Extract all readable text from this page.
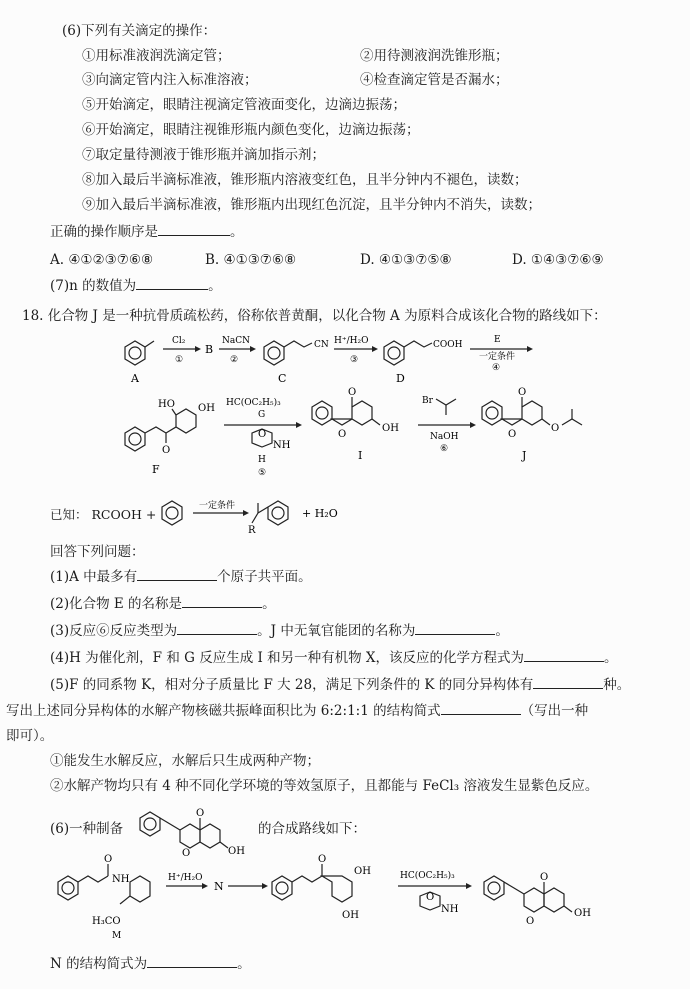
(6)下列有关滴定的操作：
①用标准液润洗滴定管；	②用待测液润洗锥形瓶；
③向滴定管内注入标准溶液；	④检查滴定管是否漏水；
⑤开始滴定，眼睛注视滴定管液面变化，边滴边振荡；
⑥开始滴定，眼睛注视锥形瓶内颜色变化，边滴边振荡；
⑦取定量待测液于锥形瓶并滴加指示剂；
⑧加入最后半滴标准液，锥形瓶内溶液变红色，且半分钟内不褪色，读数；
⑨加入最后半滴标准液，锥形瓶内出现红色沉淀，且半分钟内不消失，读数；
正确的操作顺序是	。
A. ④①②③⑦⑥⑧	B. ④①③⑦⑥⑧	D. ④①③⑦⑤⑧	D. ①④③⑦⑥⑨
(7)n 的数值为	。
18. 化合物 J 是一种抗骨质疏松药，俗称依普黄酮，以化合物 A 为原料合成该化合物的路线如下：
A
Cl₂
①
B
NaCN
②
CN
C
H⁺/H₂O
③
COOH
D
E
一定条件
④
O
HO OH
F
HC(OC₂H₅)₃
G
O
NH
H
⑤
O
O
OH
I
Br
NaOH
⑥
O
O
O
J
已知： RCOOH +
一定条件
R
+ H₂O
回答下列问题：
(1)A 中最多有	个原子共平面。
(2)化合物 E 的名称是	。
(3)反应⑥反应类型为	。J 中无氧官能团的名称为	。
(4)H 为催化剂，F 和 G 反应生成 I 和另一种有机物 X，该反应的化学方程式为	。
(5)F 的同系物 K，相对分子质量比 F 大 28，满足下列条件的 K 的同分异构体有	种。
写出上述同分异构体的水解产物核磁共振峰面积比为 6:2:1:1 的结构简式	（写出一种
即可）。
①能发生水解反应，水解后只生成两种产物；
②水解产物均只有 4 种不同化学环境的等效氢原子，且都能与 FeCl₃ 溶液发生显紫色反应。
(6)一种制备
O
O	OH
的合成路线如下：
O
NH
H₃CO
M
H⁺/H₂O
N
O
OH
OH
HC(OC₂H₅)₃
O
NH
O
O
OH
N 的结构简式为	。
